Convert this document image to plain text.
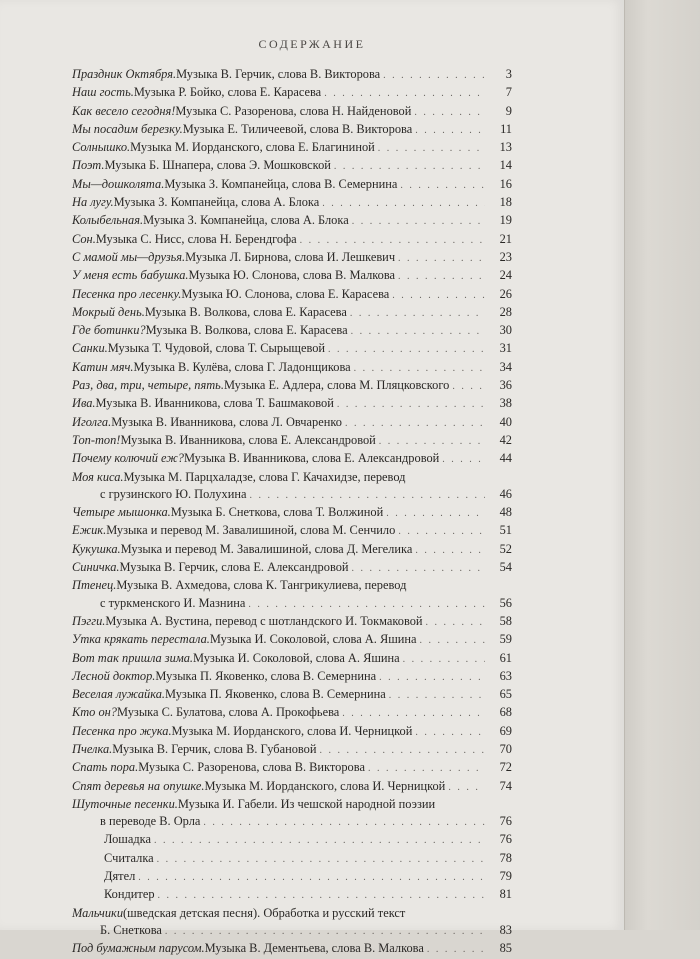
СОДЕРЖАНИЕ
Праздник Октября. Музыка В. Герчик, слова В. Викторова . . .	3
Наш гость. Музыка Р. Бойко, слова Е. Карасева . . .	7
Как весело сегодня! Музыка С. Разоренова, слова Н. Найденовой . . .	9
Мы посадим березку. Музыка Е. Тиличеевой, слова В. Викторова . . .	11
Солнышко. Музыка М. Иорданского, слова Е. Благининой . . .	13
Поэт. Музыка Б. Шнапера, слова Э. Мошковской . . .	14
Мы—дошколята. Музыка З. Компанейца, слова В. Семернина . . .	16
На лугу. Музыка З. Компанейца, слова А. Блока . . .	18
Колыбельная. Музыка З. Компанейца, слова А. Блока . . .	19
Сон. Музыка С. Нисс, слова Н. Берендгофа . . .	21
С мамой мы—друзья. Музыка Л. Бирнова, слова И. Лешкевич . . .	23
У меня есть бабушка. Музыка Ю. Слонова, слова В. Малкова . . .	24
Песенка про лесенку. Музыка Ю. Слонова, слова Е. Карасева . . .	26
Мокрый день. Музыка В. Волкова, слова Е. Карасева . . .	28
Где ботинки? Музыка В. Волкова, слова Е. Карасева . . .	30
Санки. Музыка Т. Чудовой, слова Т. Сырыщевой . . .	31
Катин мяч. Музыка В. Кулёва, слова Г. Ладонщикова . . .	34
Раз, два, три, четыре, пять. Музыка Е. Адлера, слова М. Пляцковского . . .	36
Ива. Музыка В. Иванникова, слова Т. Башмаковой . . .	38
Иголга. Музыка В. Иванникова, слова Л. Овчаренко . . .	40
Топ-топ! Музыка В. Иванникова, слова Е. Александровой . . .	42
Почему колючий еж? Музыка В. Иванникова, слова Е. Александровой . . .	44
Моя киса. Музыка М. Парцхаладзе, слова Г. Качахидзе, перевод
с грузинского Ю. Полухина . . .	46
Четыре мышонка. Музыка Б. Снеткова, слова Т. Волжиной . . .	48
Ежик. Музыка и перевод М. Завалишиной, слова М. Сенчило . . .	51
Кукушка. Музыка и перевод М. Завалишиной, слова Д. Мегелика . . .	52
Синичка. Музыка В. Герчик, слова Е. Александровой . . .	54
Птенец. Музыка В. Ахмедова, слова К. Тангрикулиева, перевод
с туркменского И. Мазнина . . .	56
Пэгги. Музыка А. Вустина, перевод с шотландского И. Токмаковой . . .	58
Утка крякать перестала. Музыка И. Соколовой, слова А. Яшина . . .	59
Вот так пришла зима. Музыка И. Соколовой, слова А. Яшина . . .	61
Лесной доктор. Музыка П. Яковенко, слова В. Семернина . . .	63
Веселая лужайка. Музыка П. Яковенко, слова В. Семернина . . .	65
Кто он? Музыка С. Булатова, слова А. Прокофьева . . .	68
Песенка про жука. Музыка М. Иорданского, слова И. Черницкой . . .	69
Пчелка. Музыка В. Герчик, слова В. Губановой . . .	70
Спать пора. Музыка С. Разоренова, слова В. Викторова . . .	72
Спят деревья на опушке. Музыка М. Иорданского, слова И. Черницкой . . .	74
Шуточные песенки. Музыка И. Габели. Из чешской народной поэзии
в переводе В. Орла . . .	76
Лошадка . . .	76
Считалка . . .	78
Дятел . . .	79
Кондитер . . .	81
Мальчики (шведская детская песня). Обработка и русский текст
Б. Снеткова . . .	83
Под бумажным парусом. Музыка В. Дементьева, слова В. Малкова . . .	85
